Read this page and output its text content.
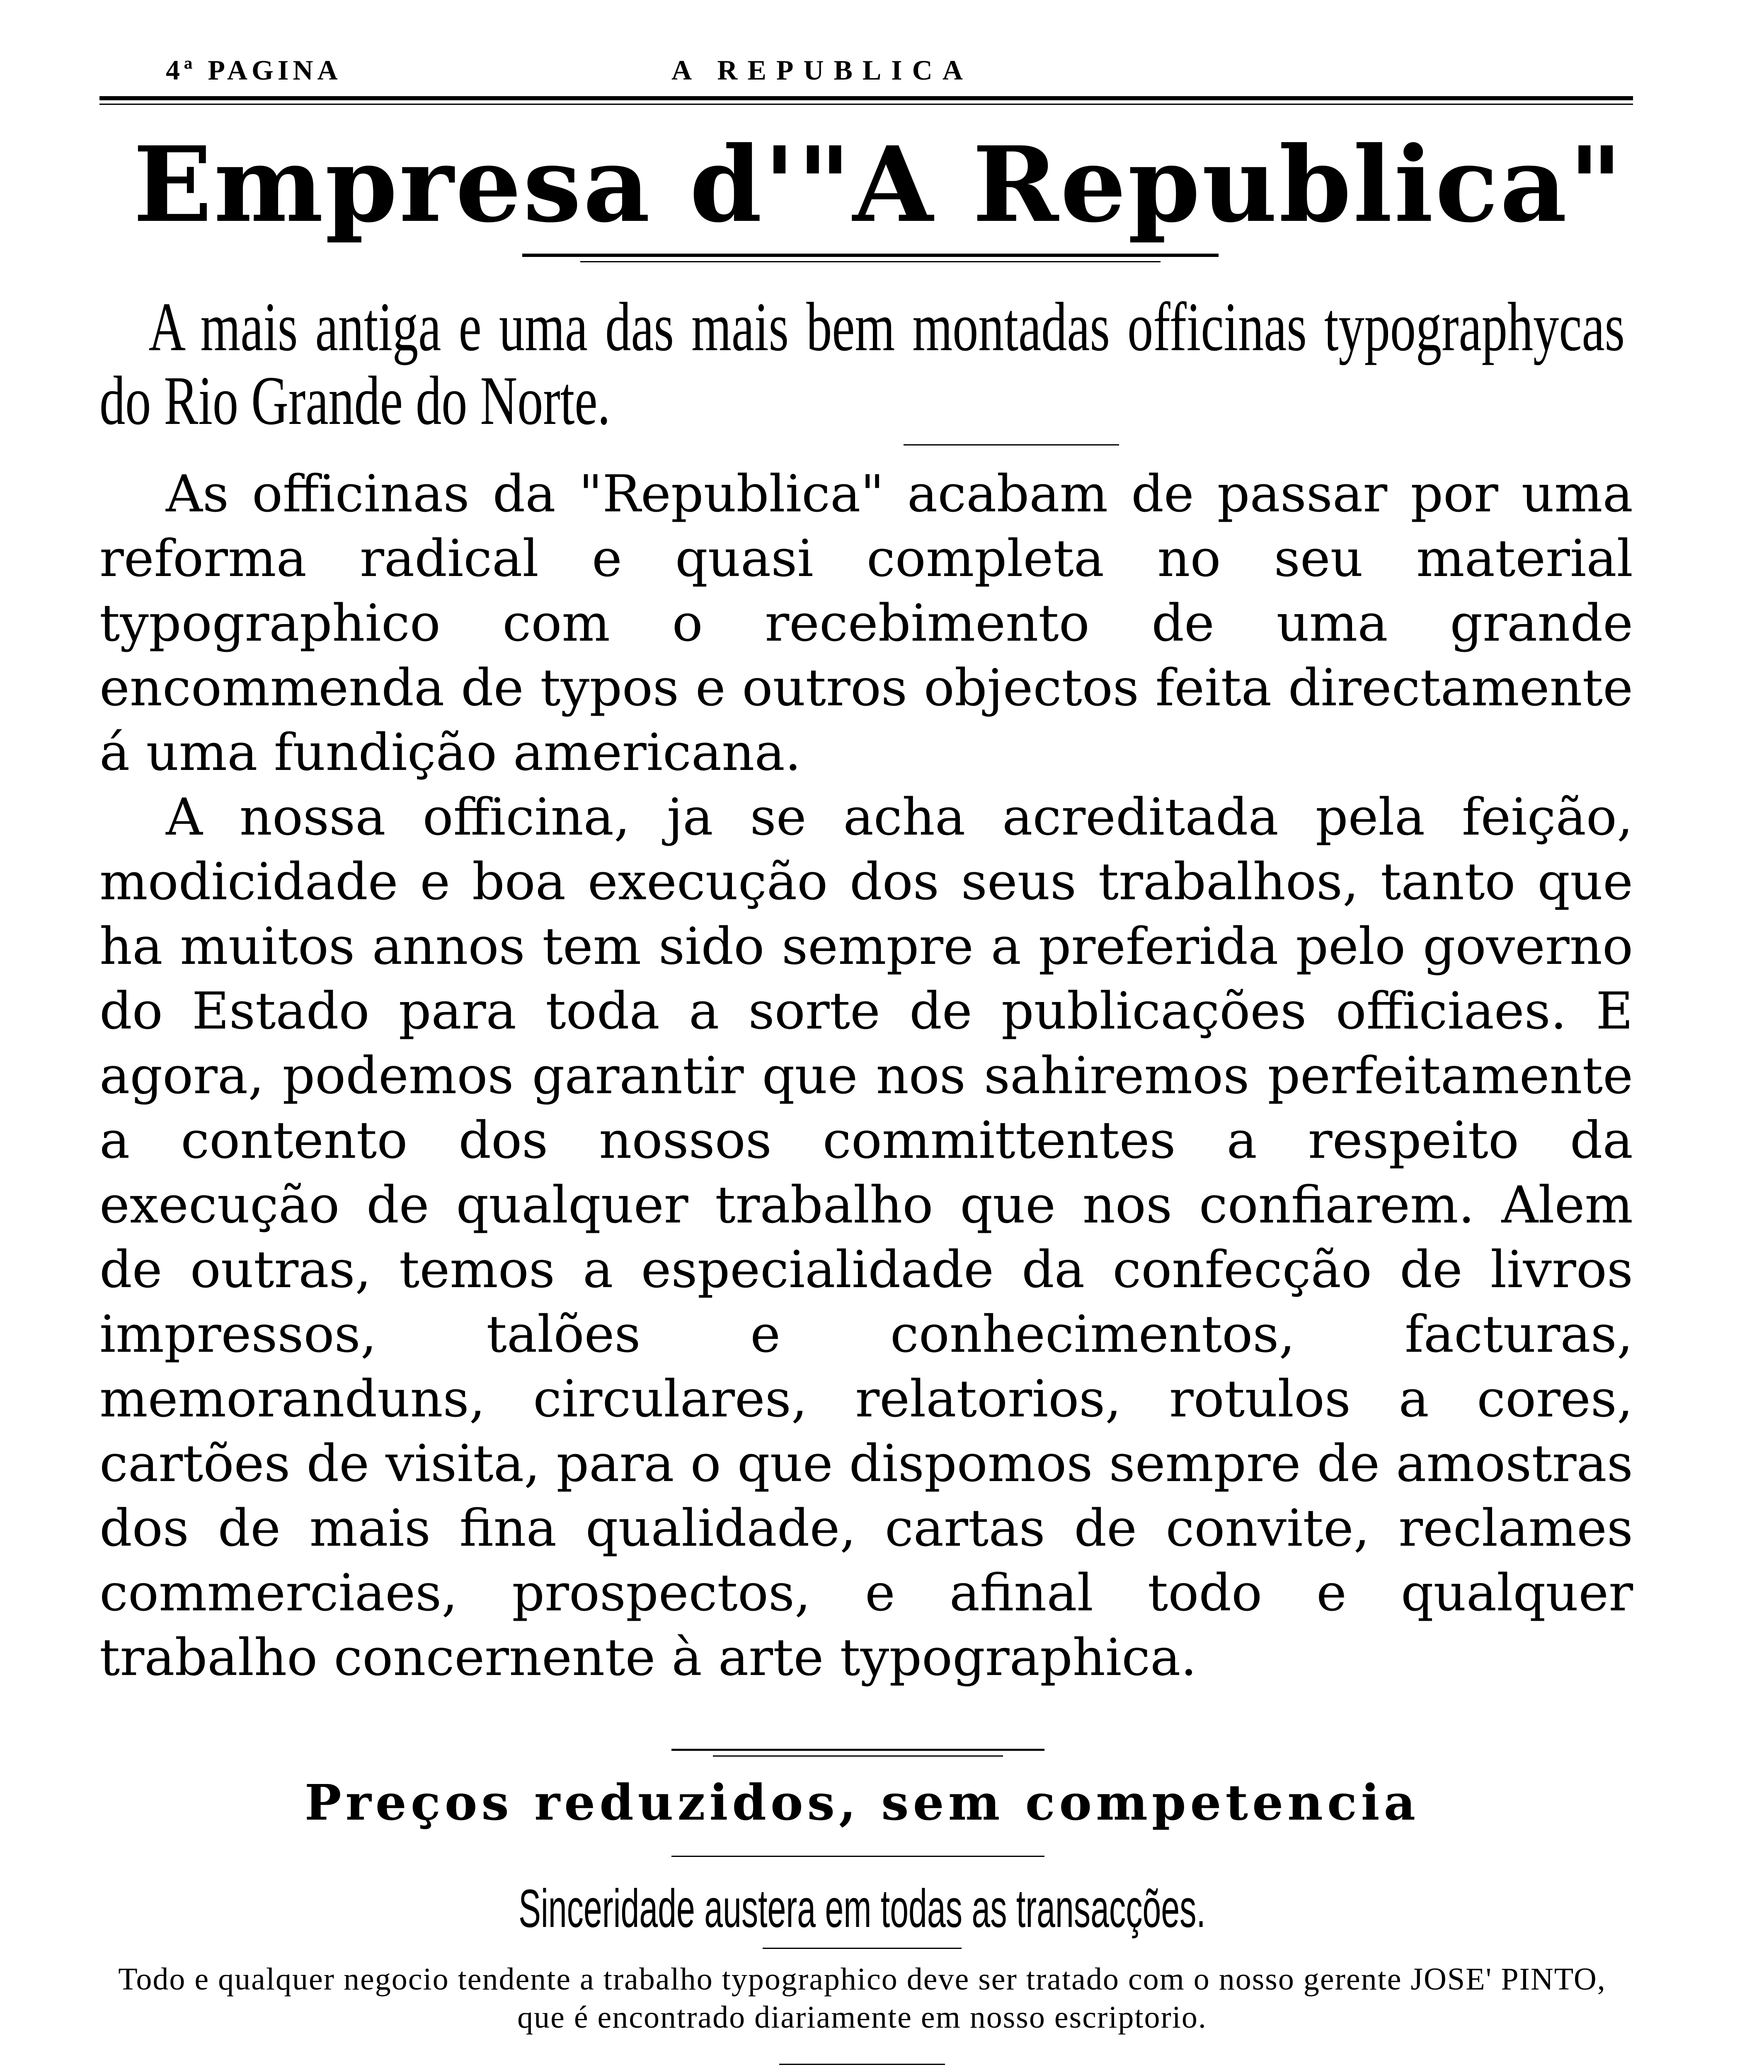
4ª PAGINA	A REPUBLICA
Empresa d'"A Republica"

A mais antiga e uma das mais bem montadas officinas typographycas do Rio Grande do Norte.

As officinas da "Republica" acabam de passar por uma reforma radical e quasi completa no seu material typographico com o recebimento de uma grande encommenda de typos e outros objectos feita directamente á uma fundição americana.

A nossa officina, ja se acha acreditada pela feição, modicidade e boa execução dos seus trabalhos, tanto que ha muitos annos tem sido sempre a preferida pelo governo do Estado para toda a sorte de publicações officiaes. E agora, podemos garantir que nos sahiremos perfeitamente a contento dos nossos committentes a respeito da execução de qualquer trabalho que nos confiarem. Alem de outras, temos a especialidade da confecção de livros impressos, talões e conhecimentos, facturas, memoranduns, circulares, relatorios, rotulos a cores, cartões de visita, para o que dispomos sempre de amostras dos de mais fina qualidade, cartas de convite, reclames commerciaes, prospectos, e afinal todo e qualquer trabalho concernente à arte typographica.

Preços reduzidos, sem competencia
Sinceridade austera em todas as transacções.
Todo e qualquer negocio tendente a trabalho typographico deve ser tratado com o nosso gerente JOSE' PINTO, que é encontrado diariamente em nosso escriptorio.
